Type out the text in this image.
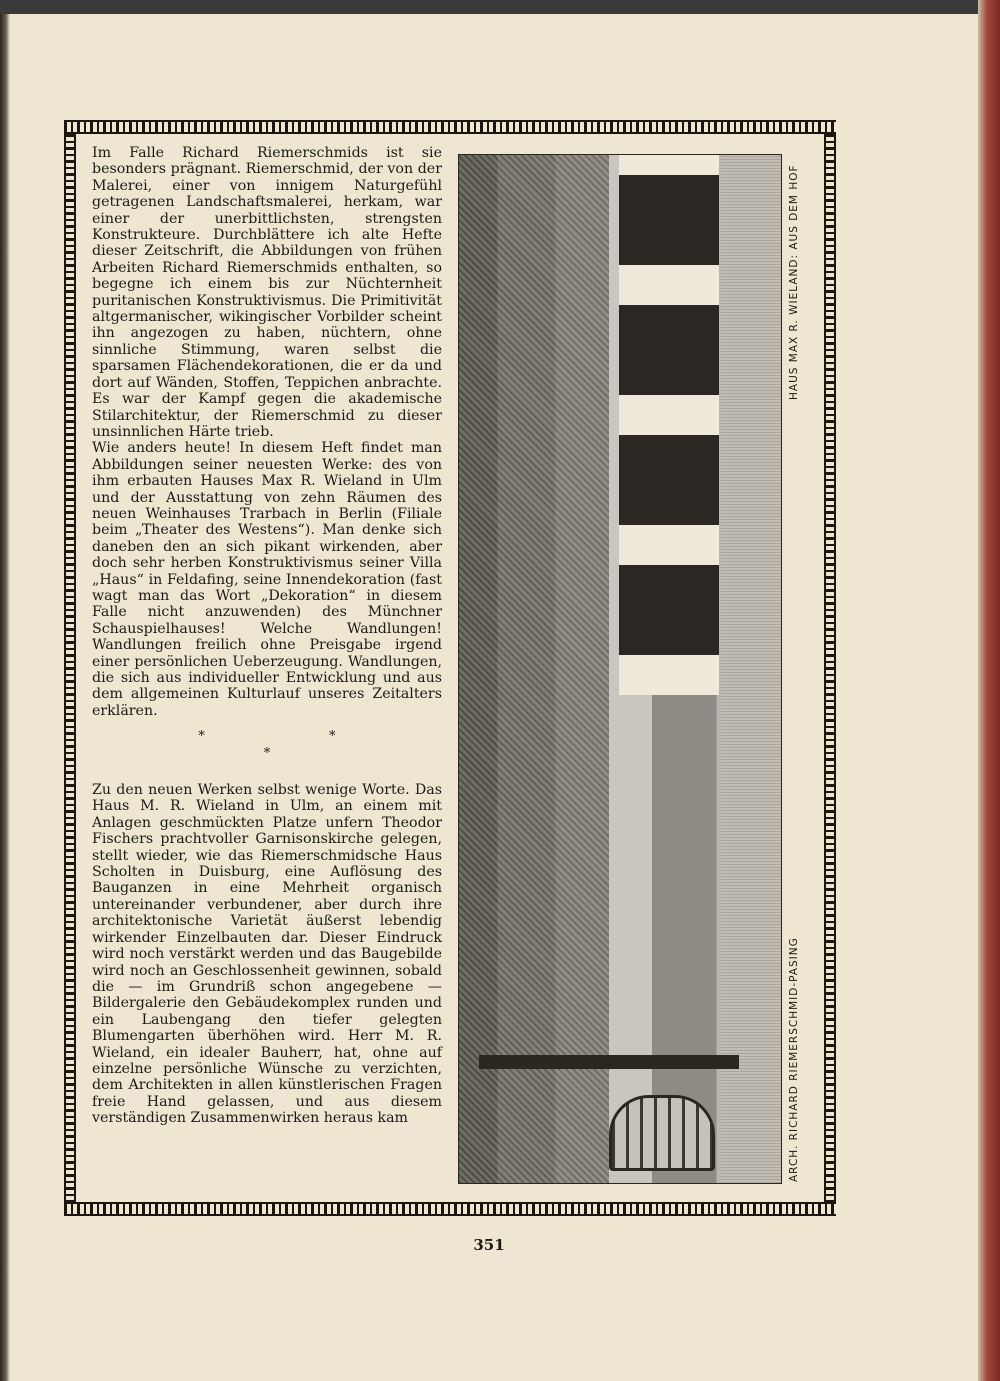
Im Falle Richard Riemerschmids ist sie besonders prägnant. Riemerschmid, der von der Malerei, einer von innigem Naturgefühl getragenen Landschaftsmalerei, herkam, war einer der unerbittlichsten, strengsten Konstrukteure. Durchblättere ich alte Hefte dieser Zeitschrift, die Abbildungen von frühen Arbeiten Richard Riemerschmids enthalten, so begegne ich einem bis zur Nüchternheit puritanischen Konstruktivismus. Die Primitivität altgermanischer, wikingischer Vorbilder scheint ihn angezogen zu haben, nüchtern, ohne sinnliche Stimmung, waren selbst die sparsamen Flächendekorationen, die er da und dort auf Wänden, Stoffen, Teppichen anbrachte. Es war der Kampf gegen die akademische Stilarchitektur, der Riemerschmid zu dieser unsinnlichen Härte trieb.

Wie anders heute! In diesem Heft findet man Abbildungen seiner neuesten Werke: des von ihm erbauten Hauses Max R. Wieland in Ulm und der Ausstattung von zehn Räumen des neuen Weinhauses Trarbach in Berlin (Filiale beim „Theater des Westens“). Man denke sich daneben den an sich pikant wirkenden, aber doch sehr herben Konstruktivismus seiner Villa „Haus“ in Feldafing, seine Innendekoration (fast wagt man das Wort „Dekoration“ in diesem Falle nicht anzuwenden) des Münchner Schauspielhauses! Welche Wandlungen! Wandlungen freilich ohne Preisgabe irgend einer persönlichen Ueberzeugung. Wandlungen, die sich aus individueller Entwicklung und aus dem allgemeinen Kulturlauf unseres Zeitalters erklären.

* * *

Zu den neuen Werken selbst wenige Worte. Das Haus M. R. Wieland in Ulm, an einem mit Anlagen geschmückten Platze unfern Theodor Fischers prachtvoller Garnisonskirche gelegen, stellt wieder, wie das Riemerschmidsche Haus Scholten in Duisburg, eine Auflösung des Bauganzen in eine Mehrheit organisch untereinander verbundener, aber durch ihre architektonische Varietät äußerst lebendig wirkender Einzelbauten dar. Dieser Eindruck wird noch verstärkt werden und das Baugebilde wird noch an Geschlossenheit gewinnen, sobald die — im Grundriß schon angegebene — Bildergalerie den Gebäudekomplex runden und ein Laubengang den tiefer gelegten Blumengarten überhöhen wird. Herr M. R. Wieland, ein idealer Bauherr, hat, ohne auf einzelne persönliche Wünsche zu verzichten, dem Architekten in allen künstlerischen Fragen freie Hand gelassen, und aus diesem verständigen Zusammenwirken heraus kam

HAUS MAX R. WIELAND: AUS DEM HOF
ARCH. RICHARD RIEMERSCHMID-PASING
351
